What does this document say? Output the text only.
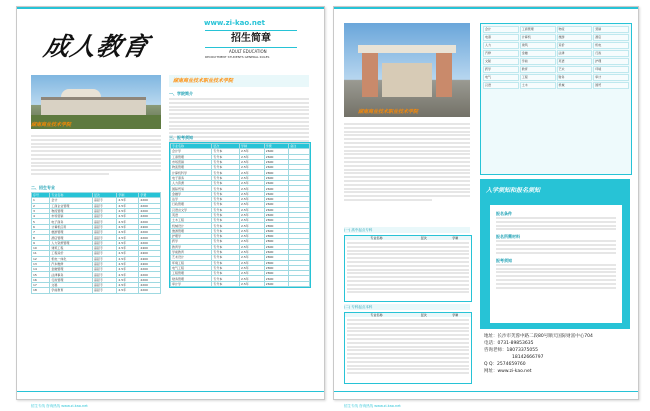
成人教育
www.zi-kao.net
招生简章
ADULT EDUCATION
RECRUITMENT STUDENTS GENERAL RULES
湖南商业技术学院
二、招生专业
序号	专业名称	层次	学制	学费
1	会计	高起专	2.5年	2200
2	工商企业管理	高起专	2.5年	2200
3	物流管理	高起专	2.5年	2200
4	市场营销	高起专	2.5年	2200
5	电子商务	高起专	2.5年	2200
6	计算机应用	高起专	2.5年	2400
7	旅游管理	高起专	2.5年	2200
8	酒店管理	高起专	2.5年	2200
9	人力资源管理	高起专	2.5年	2200
10	建筑工程	高起专	2.5年	2400
11	工程造价	高起专	2.5年	2400
12	机电一体化	高起专	2.5年	2400
13	汽车维修	高起专	2.5年	2400
14	金融管理	高起专	2.5年	2200
15	法律事务	高起专	2.5年	2200
16	行政管理	高起专	2.5年	2200
17	文秘	高起专	2.5年	2200
18	学前教育	高起专	2.5年	2200
湖南商业技术职业技术学院
一、学院简介
三、报考须知
专业名称	层次	学制	学费	备注
会计学	专升本	2.5年	2600	
工商管理	专升本	2.5年	2600	
市场营销	专升本	2.5年	2600	
物流管理	专升本	2.5年	2600	
计算机科学	专升本	2.5年	2800	
电子商务	专升本	2.5年	2600	
人力资源	专升本	2.5年	2600	
国际贸易	专升本	2.5年	2600	
金融学	专升本	2.5年	2600	
法学	专升本	2.5年	2600	
行政管理	专升本	2.5年	2600	
汉语言文学	专升本	2.5年	2600	
英语	专升本	2.5年	2600	
土木工程	专升本	2.5年	2800	
机械设计	专升本	2.5年	2800	
旅游管理	专升本	2.5年	2600	
护理学	专升本	2.5年	2800	
药学	专升本	2.5年	2800	
教育学	专升本	2.5年	2600	
学前教育	专升本	2.5年	2600	
艺术设计	专升本	2.5年	2800	
环境工程	专升本	2.5年	2800	
电气工程	专升本	2.5年	2800	
工程管理	专升本	2.5年	2800	
财务管理	专升本	2.5年	2600	
审计学	专升本	2.5年	2600	
招生专线 咨询热线 www.zi-kao.net
湖南商业技术职业技术学院
(一) 高中起点专科
专业名称	层次	学制
(二) 专科起点本科
专业名称	层次	学制
会计	工商管理	物流	营销
电商	计算机	旅游	酒店
人力	建筑	造价	机电
汽修	金融	法律	行政
文秘	学前	英语	护理
药学	教育	艺术	环境
电气	工程	财务	审计
汉语	土木	机械	国贸
入学须知和报名须知
报名条件
报名所需材料
报考须知
地址：长沙市芙蓉中路二段80号顺天国际财富中心704
电话：0731-89853635
咨询老师：18073375055
18142666797
Q Q：2574659760
网址：www.zi-kao.net
招生专线 咨询热线 www.zi-kao.net
